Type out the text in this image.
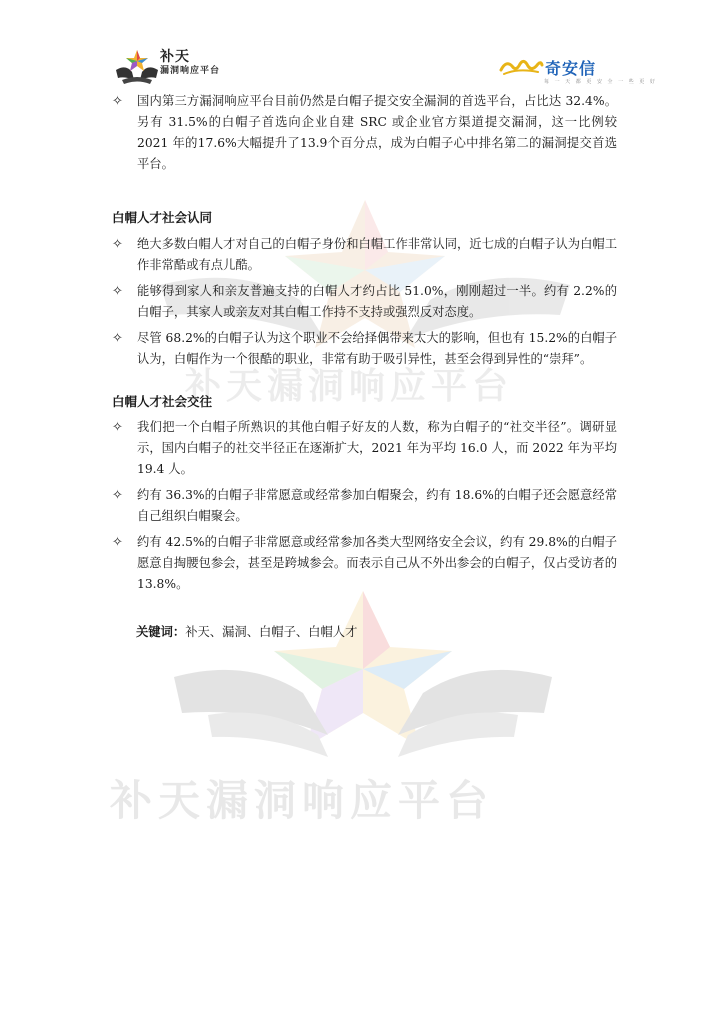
补天漏洞响应平台
补天漏洞响应平台
补天
漏洞响应平台	奇安信
每 一 天 都 更 安 全 一 些 更 好
✧ 国内第三方漏洞响应平台目前仍然是白帽子提交安全漏洞的首选平台，占比达 32.4%。另有 31.5%的白帽子首选向企业自建 SRC 或企业官方渠道提交漏洞，这一比例较 2021 年的17.6%大幅提升了13.9个百分点，成为白帽子心中排名第二的漏洞提交首选平台。
白帽人才社会认同
✧ 绝大多数白帽人才对自己的白帽子身份和白帽工作非常认同，近七成的白帽子认为白帽工作非常酷或有点儿酷。
✧ 能够得到家人和亲友普遍支持的白帽人才约占比 51.0%，刚刚超过一半。约有 2.2%的白帽子，其家人或亲友对其白帽工作持不支持或强烈反对态度。
✧ 尽管 68.2%的白帽子认为这个职业不会给择偶带来太大的影响，但也有 15.2%的白帽子认为，白帽作为一个很酷的职业，非常有助于吸引异性，甚至会得到异性的“崇拜”。
白帽人才社会交往
✧ 我们把一个白帽子所熟识的其他白帽子好友的人数，称为白帽子的“社交半径”。调研显示，国内白帽子的社交半径正在逐渐扩大，2021 年为平均 16.0 人，而 2022 年为平均 19.4 人。
✧ 约有 36.3%的白帽子非常愿意或经常参加白帽聚会，约有 18.6%的白帽子还会愿意经常自己组织白帽聚会。
✧ 约有 42.5%的白帽子非常愿意或经常参加各类大型网络安全会议，约有 29.8%的白帽子愿意自掏腰包参会，甚至是跨城参会。而表示自己从不外出参会的白帽子，仅占受访者的 13.8%。
关键词：补天、漏洞、白帽子、白帽人才
